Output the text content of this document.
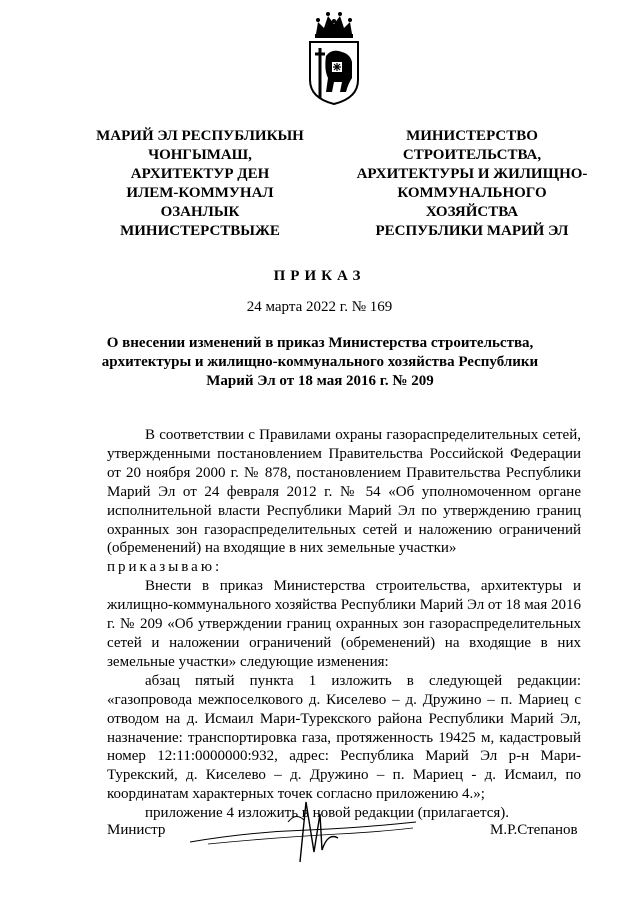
МАРИЙ ЭЛ РЕСПУБЛИКЫН
ЧОНГЫМАШ,
АРХИТЕКТУР ДЕН
ИЛЕМ-КОММУНАЛ
ОЗАНЛЫК
МИНИСТЕРСТВЫЖЕ
МИНИСТЕРСТВО
СТРОИТЕЛЬСТВА,
АРХИТЕКТУРЫ И ЖИЛИЩНО-
КОММУНАЛЬНОГО
ХОЗЯЙСТВА
РЕСПУБЛИКИ МАРИЙ ЭЛ
ПРИКАЗ
24 марта 2022 г. № 169
О внесении изменений в приказ Министерства строительства,
архитектуры и жилищно-коммунального хозяйства Республики
Марий Эл от 18 мая 2016 г. № 209

В соответствии с Правилами охраны газораспределительных сетей, утвержденными постановлением Правительства Российской Федерации от 20 ноября 2000 г. № 878, постановлением Правительства Республики Марий Эл от 24 февраля 2012 г. № 54 «Об уполномоченном органе исполнительной власти Республики Марий Эл по утверждению границ охранных зон газораспределительных сетей и наложению ограничений (обременений) на входящие в них земельные участки»

приказываю:

Внести в приказ Министерства строительства, архитектуры и жилищно-коммунального хозяйства Республики Марий Эл от 18 мая 2016 г. № 209 «Об утверждении границ охранных зон газораспределительных сетей и наложении ограничений (обременений) на входящие в них земельные участки» следующие изменения:

абзац пятый пункта 1 изложить в следующей редакции: «газопровода межпоселкового д. Киселево – д. Дружино – п. Мариец с отводом на д. Исмаил Мари-Турекского района Республики Марий Эл, назначение: транспортировка газа, протяженность 19425 м, кадастровый номер 12:11:0000000:932, адрес: Республика Марий Эл р-н Мари-Турекский, д. Киселево – д. Дружино – п. Мариец - д. Исмаил, по координатам характерных точек согласно приложению 4.»;

приложение 4 изложить в новой редакции (прилагается).

Министр	М.Р.Степанов
